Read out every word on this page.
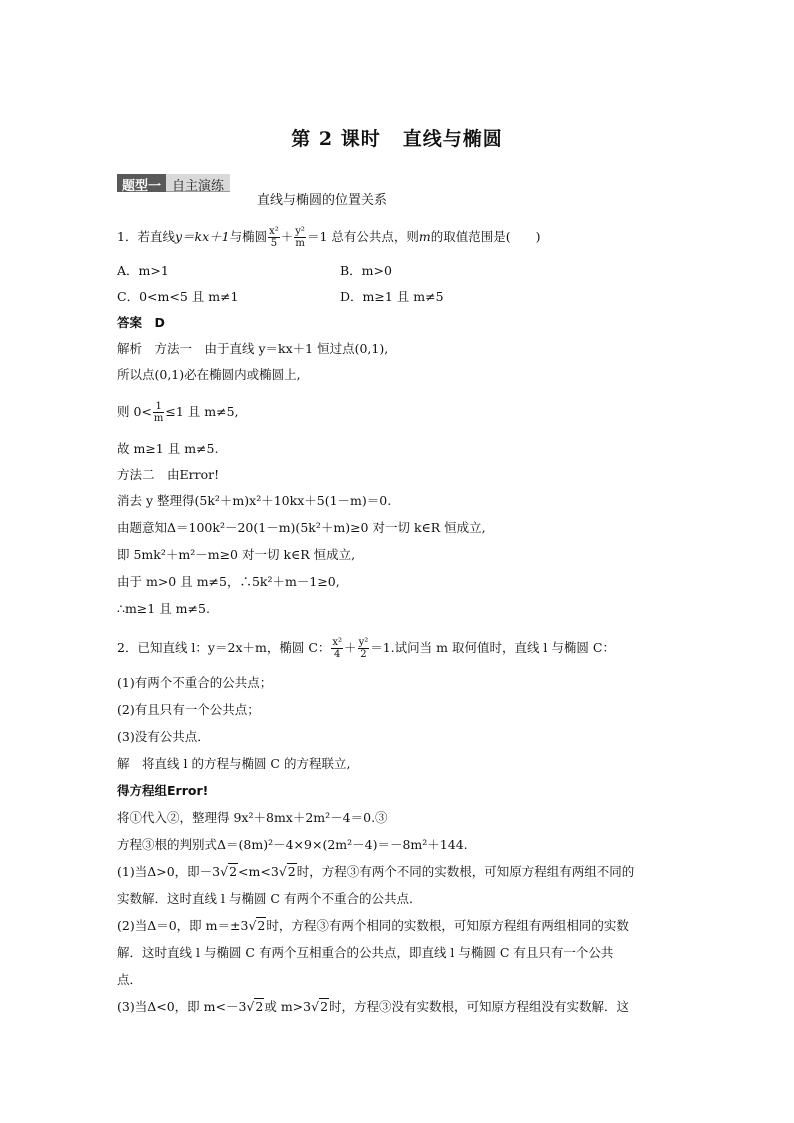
第 2 课时 直线与椭圆
题型一 自主演练
直线与椭圆的位置关系
1．若直线y＝kx＋1与椭圆 $\frac{\text{x²}}{5} + \frac{\text{y²}}{m} =1$ 总有公共点，则m的取值范围是(　　)
A．m>1	B．m>0
C．0<m<5 且 m≠1	D．m≥1 且 m≠5
答案　D
解析　方法一　由于直线 y＝kx＋1 恒过点(0,1),
所以点(0,1)必在椭圆内或椭圆上,
则 $0< \frac{1}{m} \le 1$ 且 m≠5,
故 m≥1 且 m≠5.
方法二　由Error!
消去 y 整理得(5k²＋m)x²＋10kx＋5(1－m)＝0.
由题意知Δ＝100k²－20(1－m)(5k²＋m)≥0 对一切 k∈R 恒成立,
即 5mk²＋m²－m≥0 对一切 k∈R 恒成立,
由于 m>0 且 m≠5，∴5k²＋m－1≥0,
∴m≥1 且 m≠5.
2．已知直线 l：y＝2x＋m，椭圆 C： $\frac{\text{x²}}{4} + \frac{\text{y²}}{2} =1$.试问当 m 取何值时，直线 l 与椭圆 C：
(1)有两个不重合的公共点；
(2)有且只有一个公共点；
(3)没有公共点．
解　将直线 l 的方程与椭圆 C 的方程联立,
得方程组Error!
将①代入②，整理得 9x²＋8mx＋2m²－4＝0.③
方程③根的判别式Δ＝(8m)²－4×9×(2m²－4)＝－8m²＋144.
(1)当Δ>0，即－3√2<m<3√2时，方程③有两个不同的实数根，可知原方程组有两组不同的
实数解．这时直线 l 与椭圆 C 有两个不重合的公共点．
(2)当Δ＝0，即 m＝±3√2时，方程③有两个相同的实数根，可知原方程组有两组相同的实数
解．这时直线 l 与椭圆 C 有两个互相重合的公共点，即直线 l 与椭圆 C 有且只有一个公共
点．
(3)当Δ<0，即 m<－3√2或 m>3√2时，方程③没有实数根，可知原方程组没有实数解．这
